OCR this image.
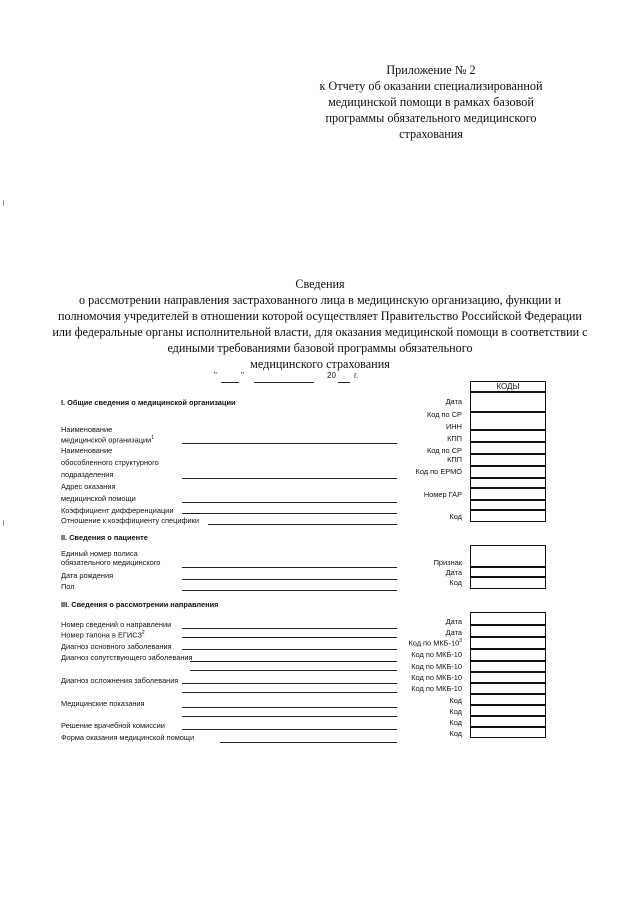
Приложение № 2
к Отчету об оказании специализированной
медицинской помощи в рамках базовой
программы обязательного медицинского
страхования
Сведения
о рассмотрении направления застрахованного лица в медицинскую организацию, функции и
полномочия учредителей в отношении которой осуществляет Правительство Российской Федерации
или федеральные органы исполнительной власти, для оказания медицинской помощи в соответствии с
едиными требованиями базовой программы обязательного
медицинского страхования
"	"	20 г.
КОДЫ
I. Общие сведения о медицинской организации
Наименование
медицинской организации$^1$
Наименование
обособленного структурного
подразделения
Адрес оказания
медицинской помощи
Коэффициент дифференциации
Отношение к коэффициенту специфики
Дата
Код по СР
ИНН
КПП
Код по СР
КПП
Код по ЕРМО
Номер ГАР
Код
II. Сведения о пациенте
Единый номер полиса
обязательного медицинского
Дата рождения
Пол
Признак
Дата
Код
III. Сведения о рассмотрении направления
Номер сведений о направлении
Номер талона в ЕГИСЗ$^2$
Диагноз основного заболевания
Диагноз сопутствующего заболевания
Диагноз осложнения заболевания
Медицинские показания
Решение врачебной комиссии
Форма оказания медицинской помощи
Дата
Дата
Код по МКБ-$10^3$
Код по МКБ-10
Код по МКБ-10
Код по МКБ-10
Код по МКБ-10
Код
Код
Код
Код
